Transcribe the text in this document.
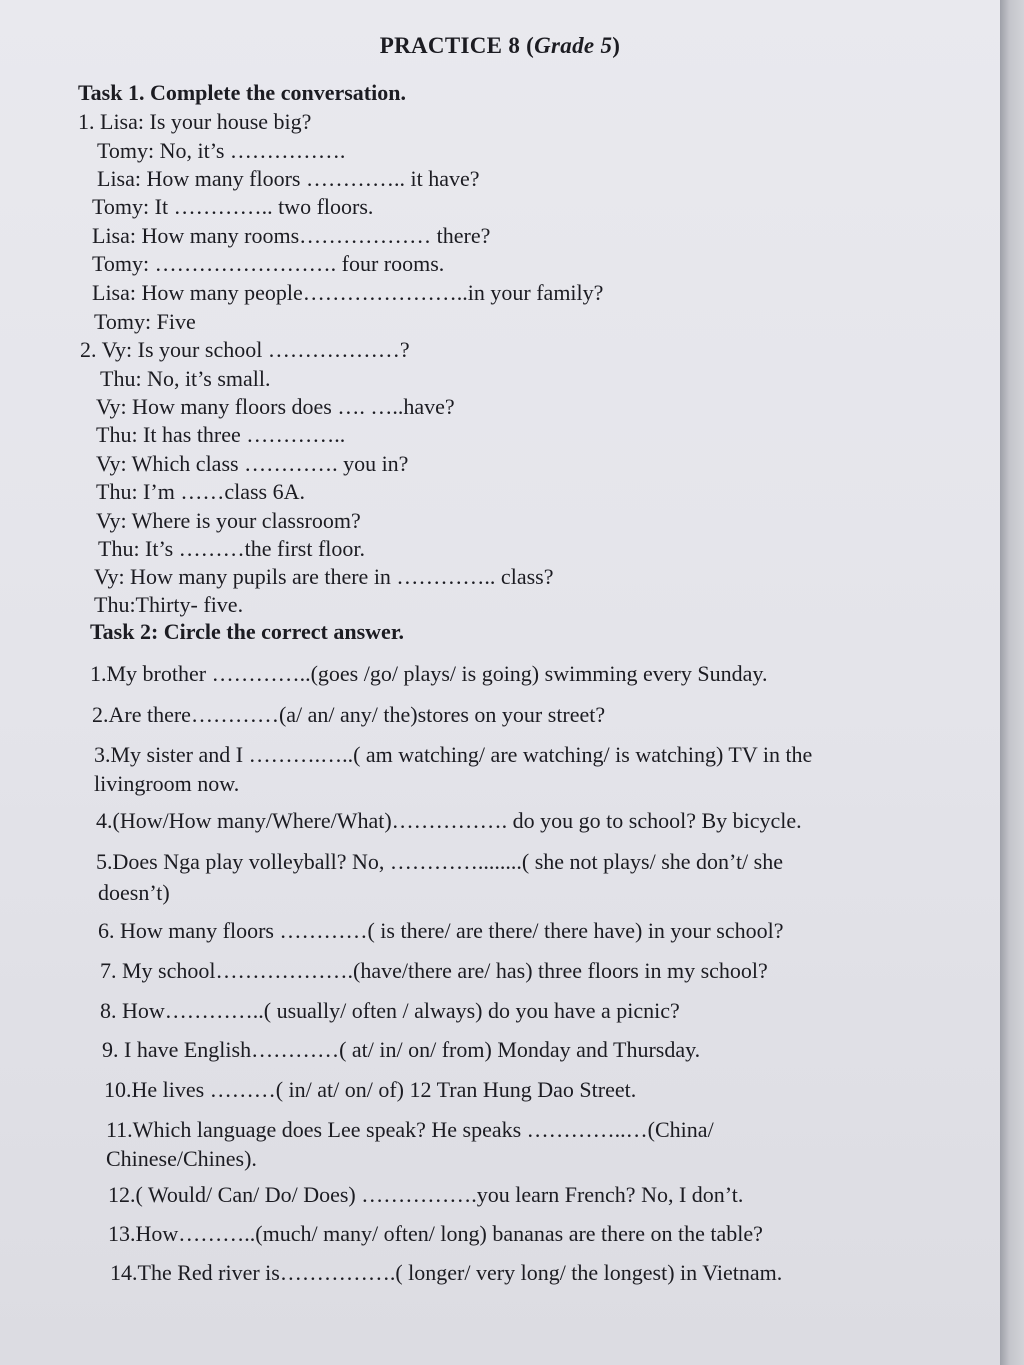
PRACTICE 8 (Grade 5)
Task 1. Complete the conversation.
1. Lisa: Is your house big?
Tomy: No, it’s …………….
Lisa: How many floors ………….. it have?
Tomy: It ………….. two floors.
Lisa: How many rooms……………… there?
Tomy: ……………………. four rooms.
Lisa: How many people…………………..in your family?
Tomy: Five
2. Vy: Is your school ………………?
Thu: No, it’s small.
Vy: How many floors does …. …..have?
Thu: It has three …………..
Vy: Which class …………. you in?
Thu: I’m ……class 6A.
Vy: Where is your classroom?
Thu: It’s ………the first floor.
Vy: How many pupils are there in ………….. class?
Thu:Thirty- five.
Task 2: Circle the correct answer.
1.My brother …………..(goes /go/ plays/ is going) swimming every Sunday.
2.Are there…………(a/ an/ any/ the)stores on your street?
3.My sister and I ……….…..( am watching/ are watching/ is watching) TV in the
livingroom now.
4.(How/How many/Where/What)……………. do you go to school? By bicycle.
5.Does Nga play volleyball? No, …………........( she not plays/ she don’t/ she
doesn’t)
6. How many floors …………( is there/ are there/ there have) in your school?
7. My school……………….(have/there are/ has) three floors in my school?
8. How…………..( usually/ often / always) do you have a picnic?
9. I have English…………( at/ in/ on/ from) Monday and Thursday.
10.He lives ………( in/ at/ on/ of) 12 Tran Hung Dao Street.
11.Which language does Lee speak? He speaks …………..…(China/
Chinese/Chines).
12.( Would/ Can/ Do/ Does) …………….you learn French? No, I don’t.
13.How………..(much/ many/ often/ long) bananas are there on the table?
14.The Red river is…………….( longer/ very long/ the longest) in Vietnam.
